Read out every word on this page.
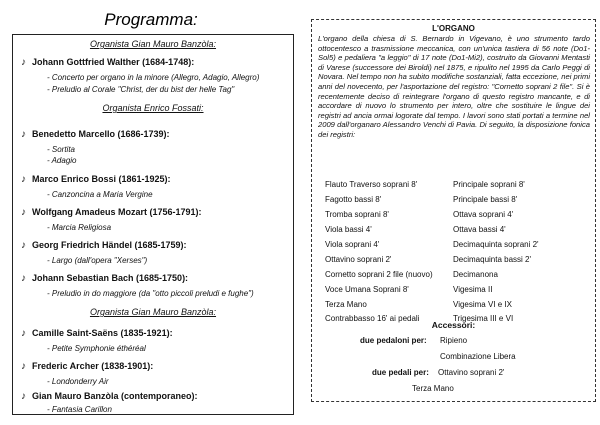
Programma:
Organista Gian Mauro Banzòla:
♪ Johann Gottfried Walther (1684-1748):
- Concerto per organo in la minore (Allegro, Adagio, Allegro)
- Preludio al Corale "Christ, der du bist der helle Tag"
Organista Enrico Fossati:
♪ Benedetto Marcello (1686-1739):
- Sortita
- Adagio
♪ Marco Enrico Bossi (1861-1925):
- Canzoncina a Maria Vergine
♪ Wolfgang Amadeus Mozart (1756-1791):
- Marcia Religiosa
♪ Georg Friedrich Händel (1685-1759):
- Largo (dall'opera "Xerses")
♪ Johann Sebastian Bach (1685-1750):
- Preludio in do maggiore (da "otto piccoli preludi e fughe")
Organista Gian Mauro Banzòla:
♪ Camille Saint-Saëns (1835-1921):
- Petite Symphonie éthéréal
♪ Frederic Archer (1838-1901):
- Londonderry Air
♪ Gian Mauro Banzòla (contemporaneo):
- Fantasia Carillon
L'ORGANO
L'organo della chiesa di S. Bernardo in Vigevano, è uno strumento tardo ottocentesco a trasmissione meccanica, con un'unica tastiera di 56 note (Do1-Sol5) e pedaliera "a leggio" di 17 note (Do1-Mi2), costruito da Giovanni Mentasti di Varese (successore dei Biroldi) nel 1875, e ripulito nel 1995 da Carlo Peggi di Novara. Nel tempo non ha subito modifiche sostanziali, fatta eccezione, nei primi anni del novecento, per l'asportazione del registro: "Cornetto soprani 2 file". Si è recentemente deciso di reintegrare l'organo di questo registro mancante, e di accordare di nuovo lo strumento per intero, oltre che sostituire le lingue dei registri ad ancia ormai logorate dal tempo. I lavori sono stati portati a termine nel 2009 dall'organaro Alessandro Venchi di Pavia. Di seguito, la disposizione fonica dei registri:
Flauto Traverso soprani 8'
Fagotto bassi 8'
Tromba soprani 8'
Viola bassi 4'
Viola soprani 4'
Ottavino soprani 2'
Cornetto soprani 2 file (nuovo)
Voce Umana Soprani 8'
Terza Mano
Contrabbasso 16' ai pedali
Principale soprani 8'
Principale bassi 8'
Ottava soprani 4'
Ottava bassi 4'
Decimaquinta soprani 2'
Decimaquinta bassi 2'
Decimanona
Vigesima II
Vigesima VI e IX
Trigesima III e VI
Accessori:
due pedaloni per: Ripieno
Combinazione Libera
due pedali per: Ottavino soprani 2'
Terza Mano
